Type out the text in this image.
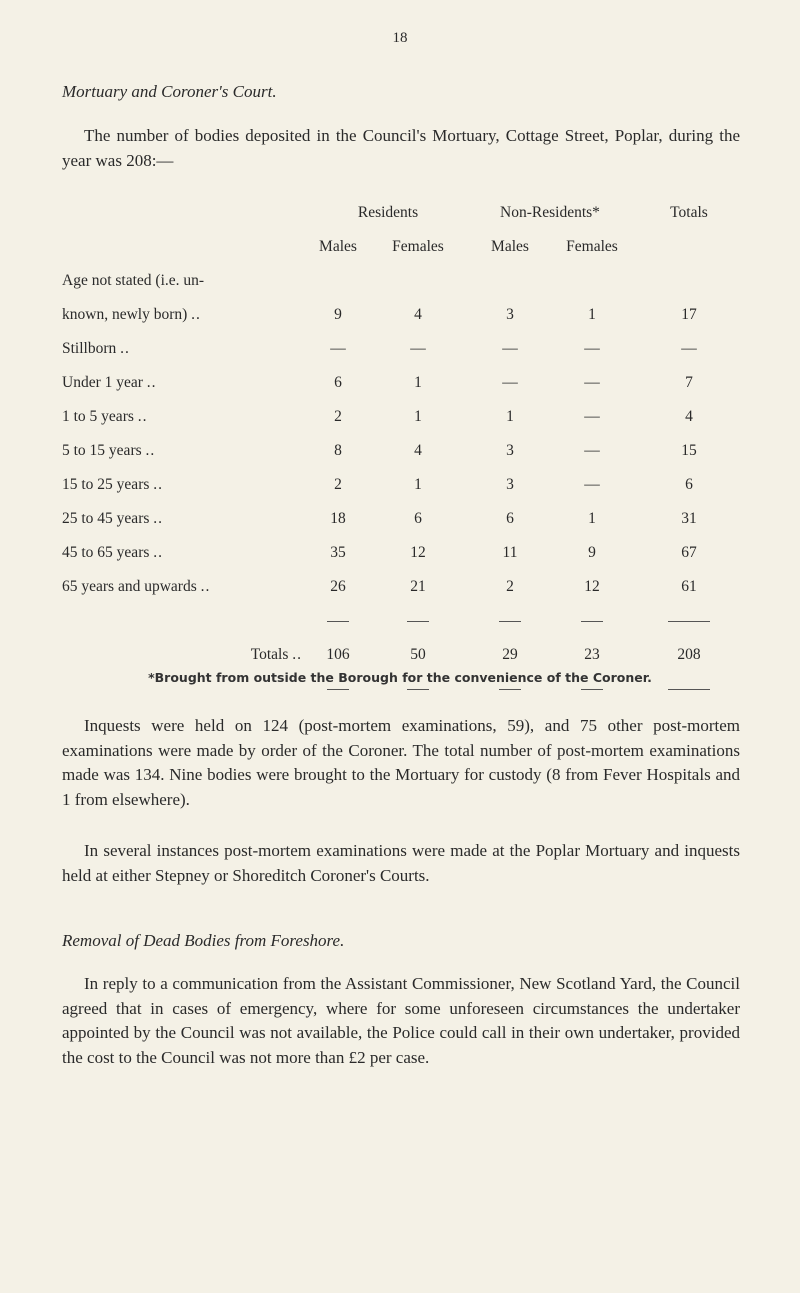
18
Mortuary and Coroner's Court.
The number of bodies deposited in the Council's Mortuary, Cottage Street, Poplar, during the year was 208:—
	Residents		Non-Residents*		Totals
	Males	Females	Males	Females	
Age not stated (i.e. un-					
known, newly born) ..	9	4	3	1	17
Stillborn ..	—	—	—	—	—
Under 1 year ..	6	1	—	—	7
1 to 5 years ..	2	1	1	—	4
5 to 15 years ..	8	4	3	—	15
15 to 25 years ..	2	1	3	—	6
25 to 45 years ..	18	6	6	1	31
45 to 65 years ..	35	12	11	9	67
65 years and upwards ..	26	21	2	12	61

Totals ..	106	50	29	23	208

*Brought from outside the Borough for the convenience of the Coroner.
Inquests were held on 124 (post-mortem examinations, 59), and 75 other post-mortem examinations were made by order of the Coroner. The total number of post-mortem examinations made was 134. Nine bodies were brought to the Mortuary for custody (8 from Fever Hospitals and 1 from elsewhere).
In several instances post-mortem examinations were made at the Poplar Mortuary and inquests held at either Stepney or Shoreditch Coroner's Courts.
Removal of Dead Bodies from Foreshore.
In reply to a communication from the Assistant Commissioner, New Scotland Yard, the Council agreed that in cases of emergency, where for some unforeseen circumstances the undertaker appointed by the Council was not available, the Police could call in their own undertaker, provided the cost to the Council was not more than £2 per case.
